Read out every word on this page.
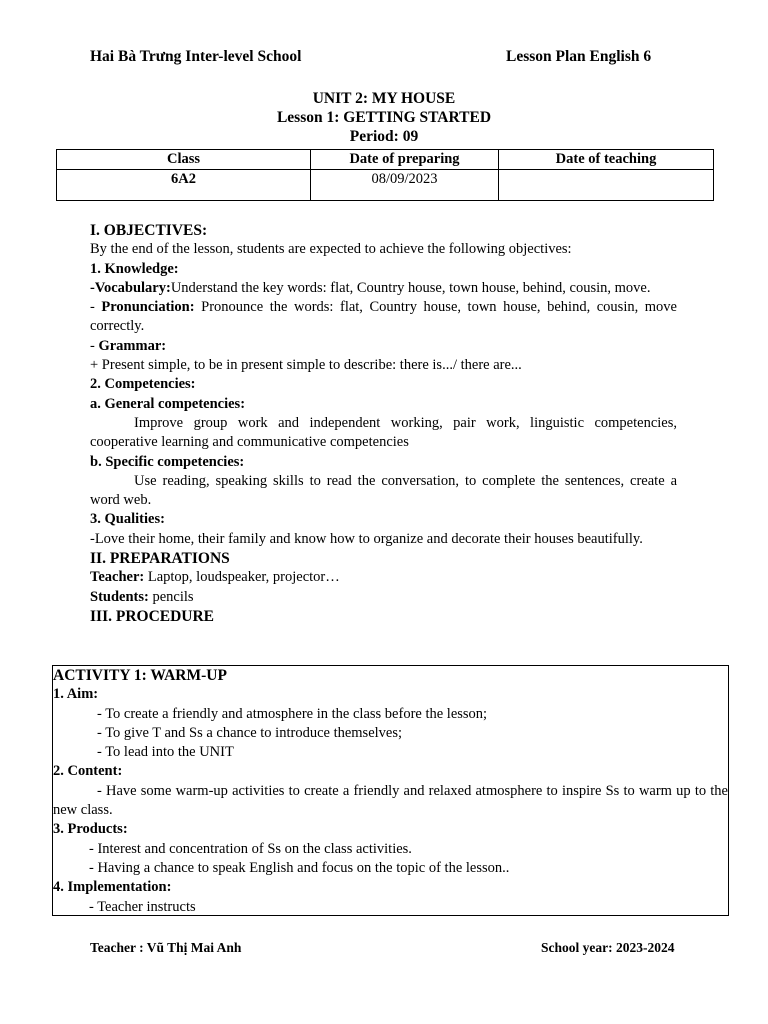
Hai Bà Trưng Inter-level School	Lesson Plan English 6
UNIT 2: MY HOUSE
Lesson 1: GETTING STARTED
Period: 09
Class	Date of preparing	Date of teaching
6A2	08/09/2023	

I. OBJECTIVES:

By the end of the lesson, students are expected to achieve the following objectives:

1. Knowledge:

-Vocabulary:Understand the key words: flat, Country house, town house, behind, cousin, move.

- Pronunciation: Pronounce the words: flat, Country house, town house, behind, cousin, move correctly.

- Grammar:

+ Present simple, to be in present simple to describe: there is.../ there are...

2. Competencies:

a. General competencies:

Improve group work and independent working, pair work, linguistic competencies, cooperative learning and communicative competencies

b. Specific competencies:

Use reading, speaking skills to read the conversation, to complete the sentences, create a word web.

3. Qualities:

-Love their home, their family and know how to organize and decorate their houses beautifully.

II. PREPARATIONS

Teacher: Laptop, loudspeaker, projector…

Students: pencils

III. PROCEDURE

ACTIVITY 1: WARM-UP

1. Aim:

- To create a friendly and atmosphere in the class before the lesson;

- To give T and Ss a chance to introduce themselves;

- To lead into the UNIT

2. Content:

- Have some warm-up activities to create a friendly and relaxed atmosphere to inspire Ss to warm up to the new class.

3. Products:

- Interest and concentration of Ss on the class activities.

- Having a chance to speak English and focus on the topic of the lesson..

4. Implementation:

- Teacher instructs

Teacher : Vũ Thị Mai Anh	School year: 2023-2024
